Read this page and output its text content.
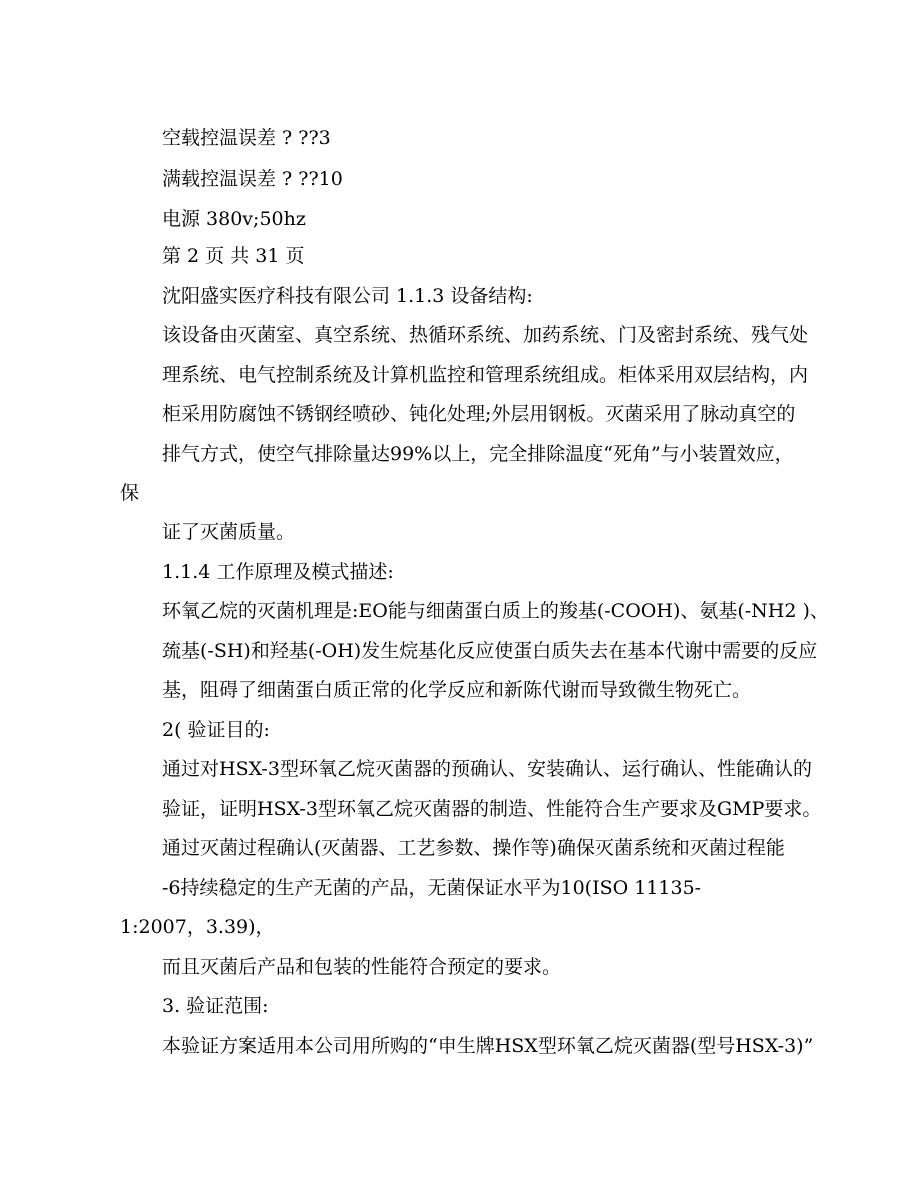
空载控温误差 ? ??3
满载控温误差 ? ??10
电源 380v;50hz
第 2 页 共 31 页
沈阳盛实医疗科技有限公司 1.1.3 设备结构:
该设备由灭菌室、真空系统、热循环系统、加药系统、门及密封系统、残气处
理系统、电气控制系统及计算机监控和管理系统组成。柜体采用双层结构，内
柜采用防腐蚀不锈钢经喷砂、钝化处理;外层用钢板。灭菌采用了脉动真空的
排气方式，使空气排除量达99%以上，完全排除温度“死角”与小装置效应，
保
证了灭菌质量。
1.1.4 工作原理及模式描述:
环氧乙烷的灭菌机理是:EO能与细菌蛋白质上的羧基(-COOH)、氨基(-NH2 )、
巯基(-SH)和羟基(-OH)发生烷基化反应使蛋白质失去在基本代谢中需要的反应
基，阻碍了细菌蛋白质正常的化学反应和新陈代谢而导致微生物死亡。
2( 验证目的:
通过对HSX-3型环氧乙烷灭菌器的预确认、安装确认、运行确认、性能确认的
验证，证明HSX-3型环氧乙烷灭菌器的制造、性能符合生产要求及GMP要求。
通过灭菌过程确认(灭菌器、工艺参数、操作等)确保灭菌系统和灭菌过程能
-6持续稳定的生产无菌的产品，无菌保证水平为10(ISO 11135-
1:2007，3.39)，
而且灭菌后产品和包装的性能符合预定的要求。
3. 验证范围:
本验证方案适用本公司用所购的“申生牌HSX型环氧乙烷灭菌器(型号HSX-3)”
